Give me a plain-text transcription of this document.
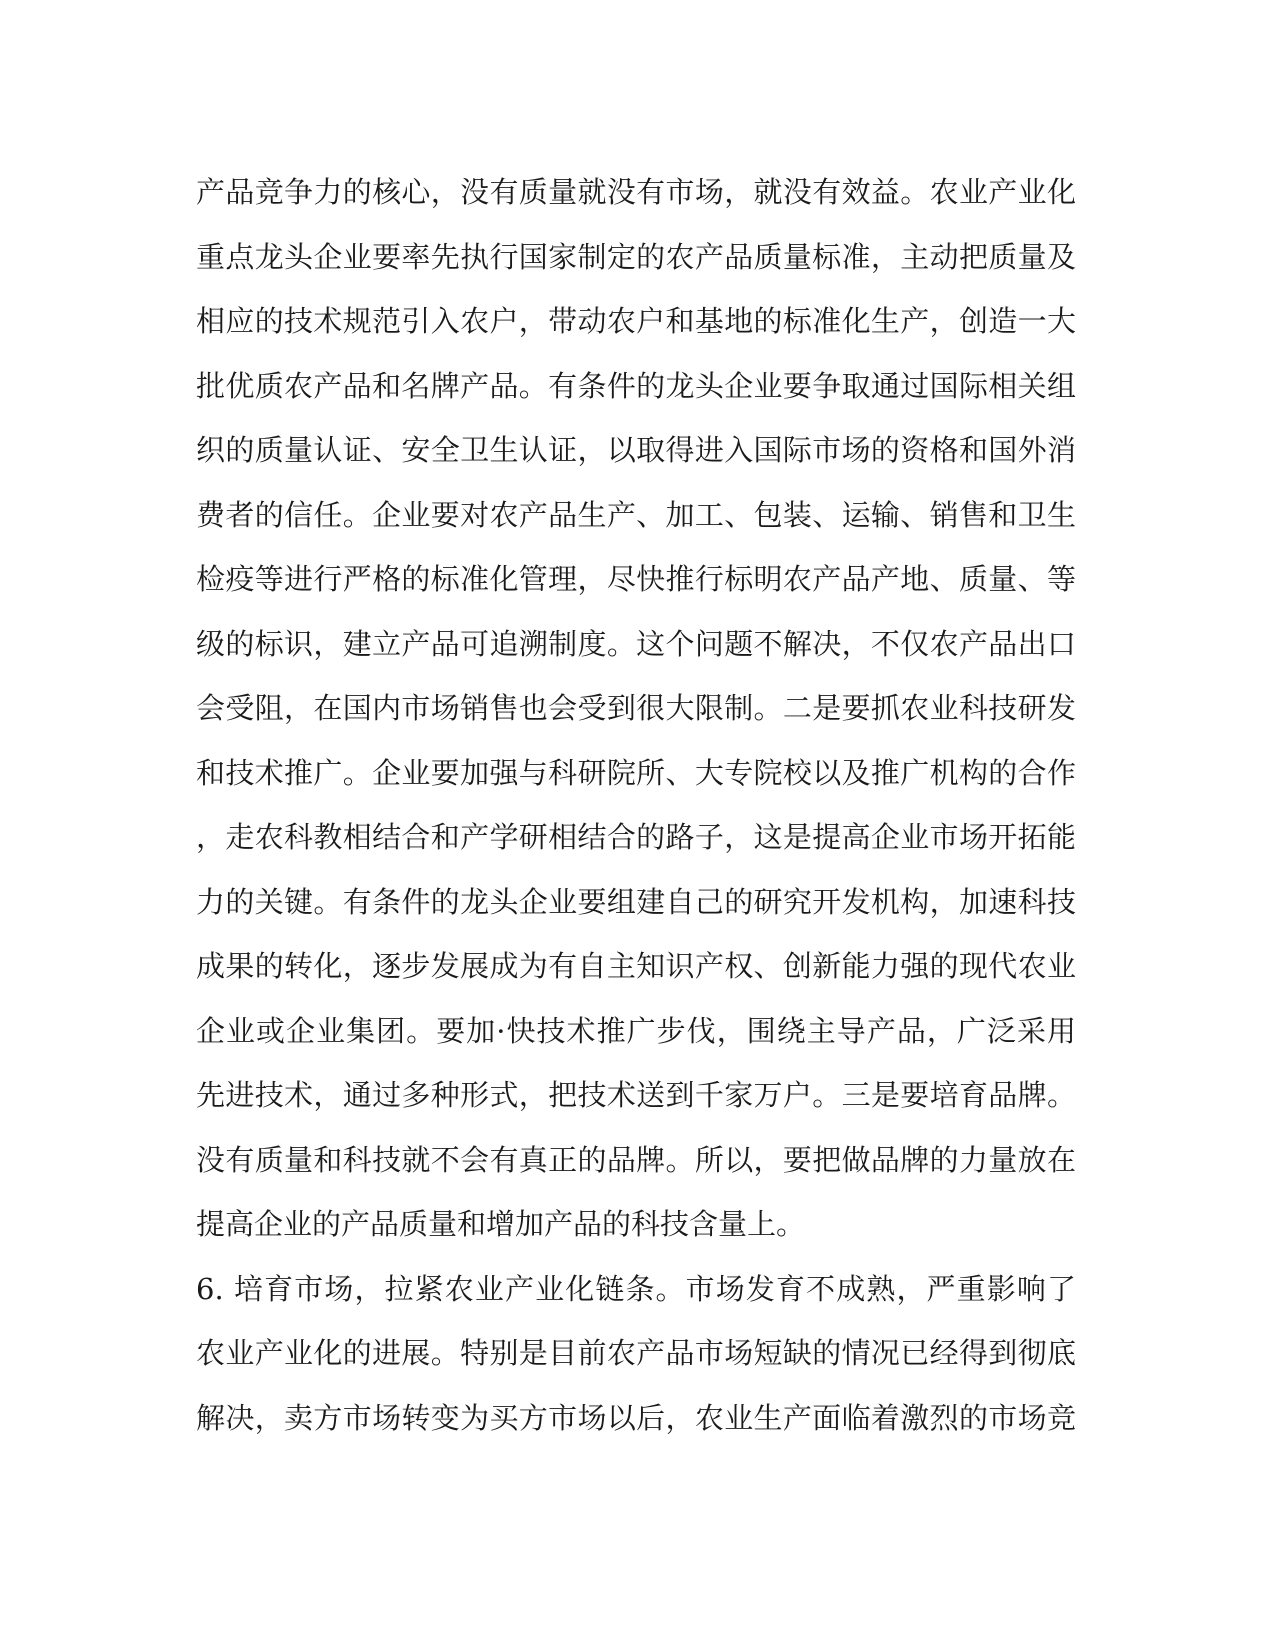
产品竞争力的核心，没有质量就没有市场，就没有效益。农业产业化
重点龙头企业要率先执行国家制定的农产品质量标准，主动把质量及
相应的技术规范引入农户，带动农户和基地的标准化生产，创造一大
批优质农产品和名牌产品。有条件的龙头企业要争取通过国际相关组
织的质量认证、安全卫生认证，以取得进入国际市场的资格和国外消
费者的信任。企业要对农产品生产、加工、包装、运输、销售和卫生
检疫等进行严格的标准化管理，尽快推行标明农产品产地、质量、等
级的标识，建立产品可追溯制度。这个问题不解决，不仅农产品出口
会受阻，在国内市场销售也会受到很大限制。二是要抓农业科技研发
和技术推广。企业要加强与科研院所、大专院校以及推广机构的合作
，走农科教相结合和产学研相结合的路子，这是提高企业市场开拓能
力的关键。有条件的龙头企业要组建自己的研究开发机构，加速科技
成果的转化，逐步发展成为有自主知识产权、创新能力强的现代农业
企业或企业集团。要加·快技术推广步伐，围绕主导产品，广泛采用
先进技术，通过多种形式，把技术送到千家万户。三是要培育品牌。
没有质量和科技就不会有真正的品牌。所以，要把做品牌的力量放在
提高企业的产品质量和增加产品的科技含量上。
6. 培育市场，拉紧农业产业化链条。市场发育不成熟，严重影响了
农业产业化的进展。特别是目前农产品市场短缺的情况已经得到彻底
解决，卖方市场转变为买方市场以后，农业生产面临着激烈的市场竞
